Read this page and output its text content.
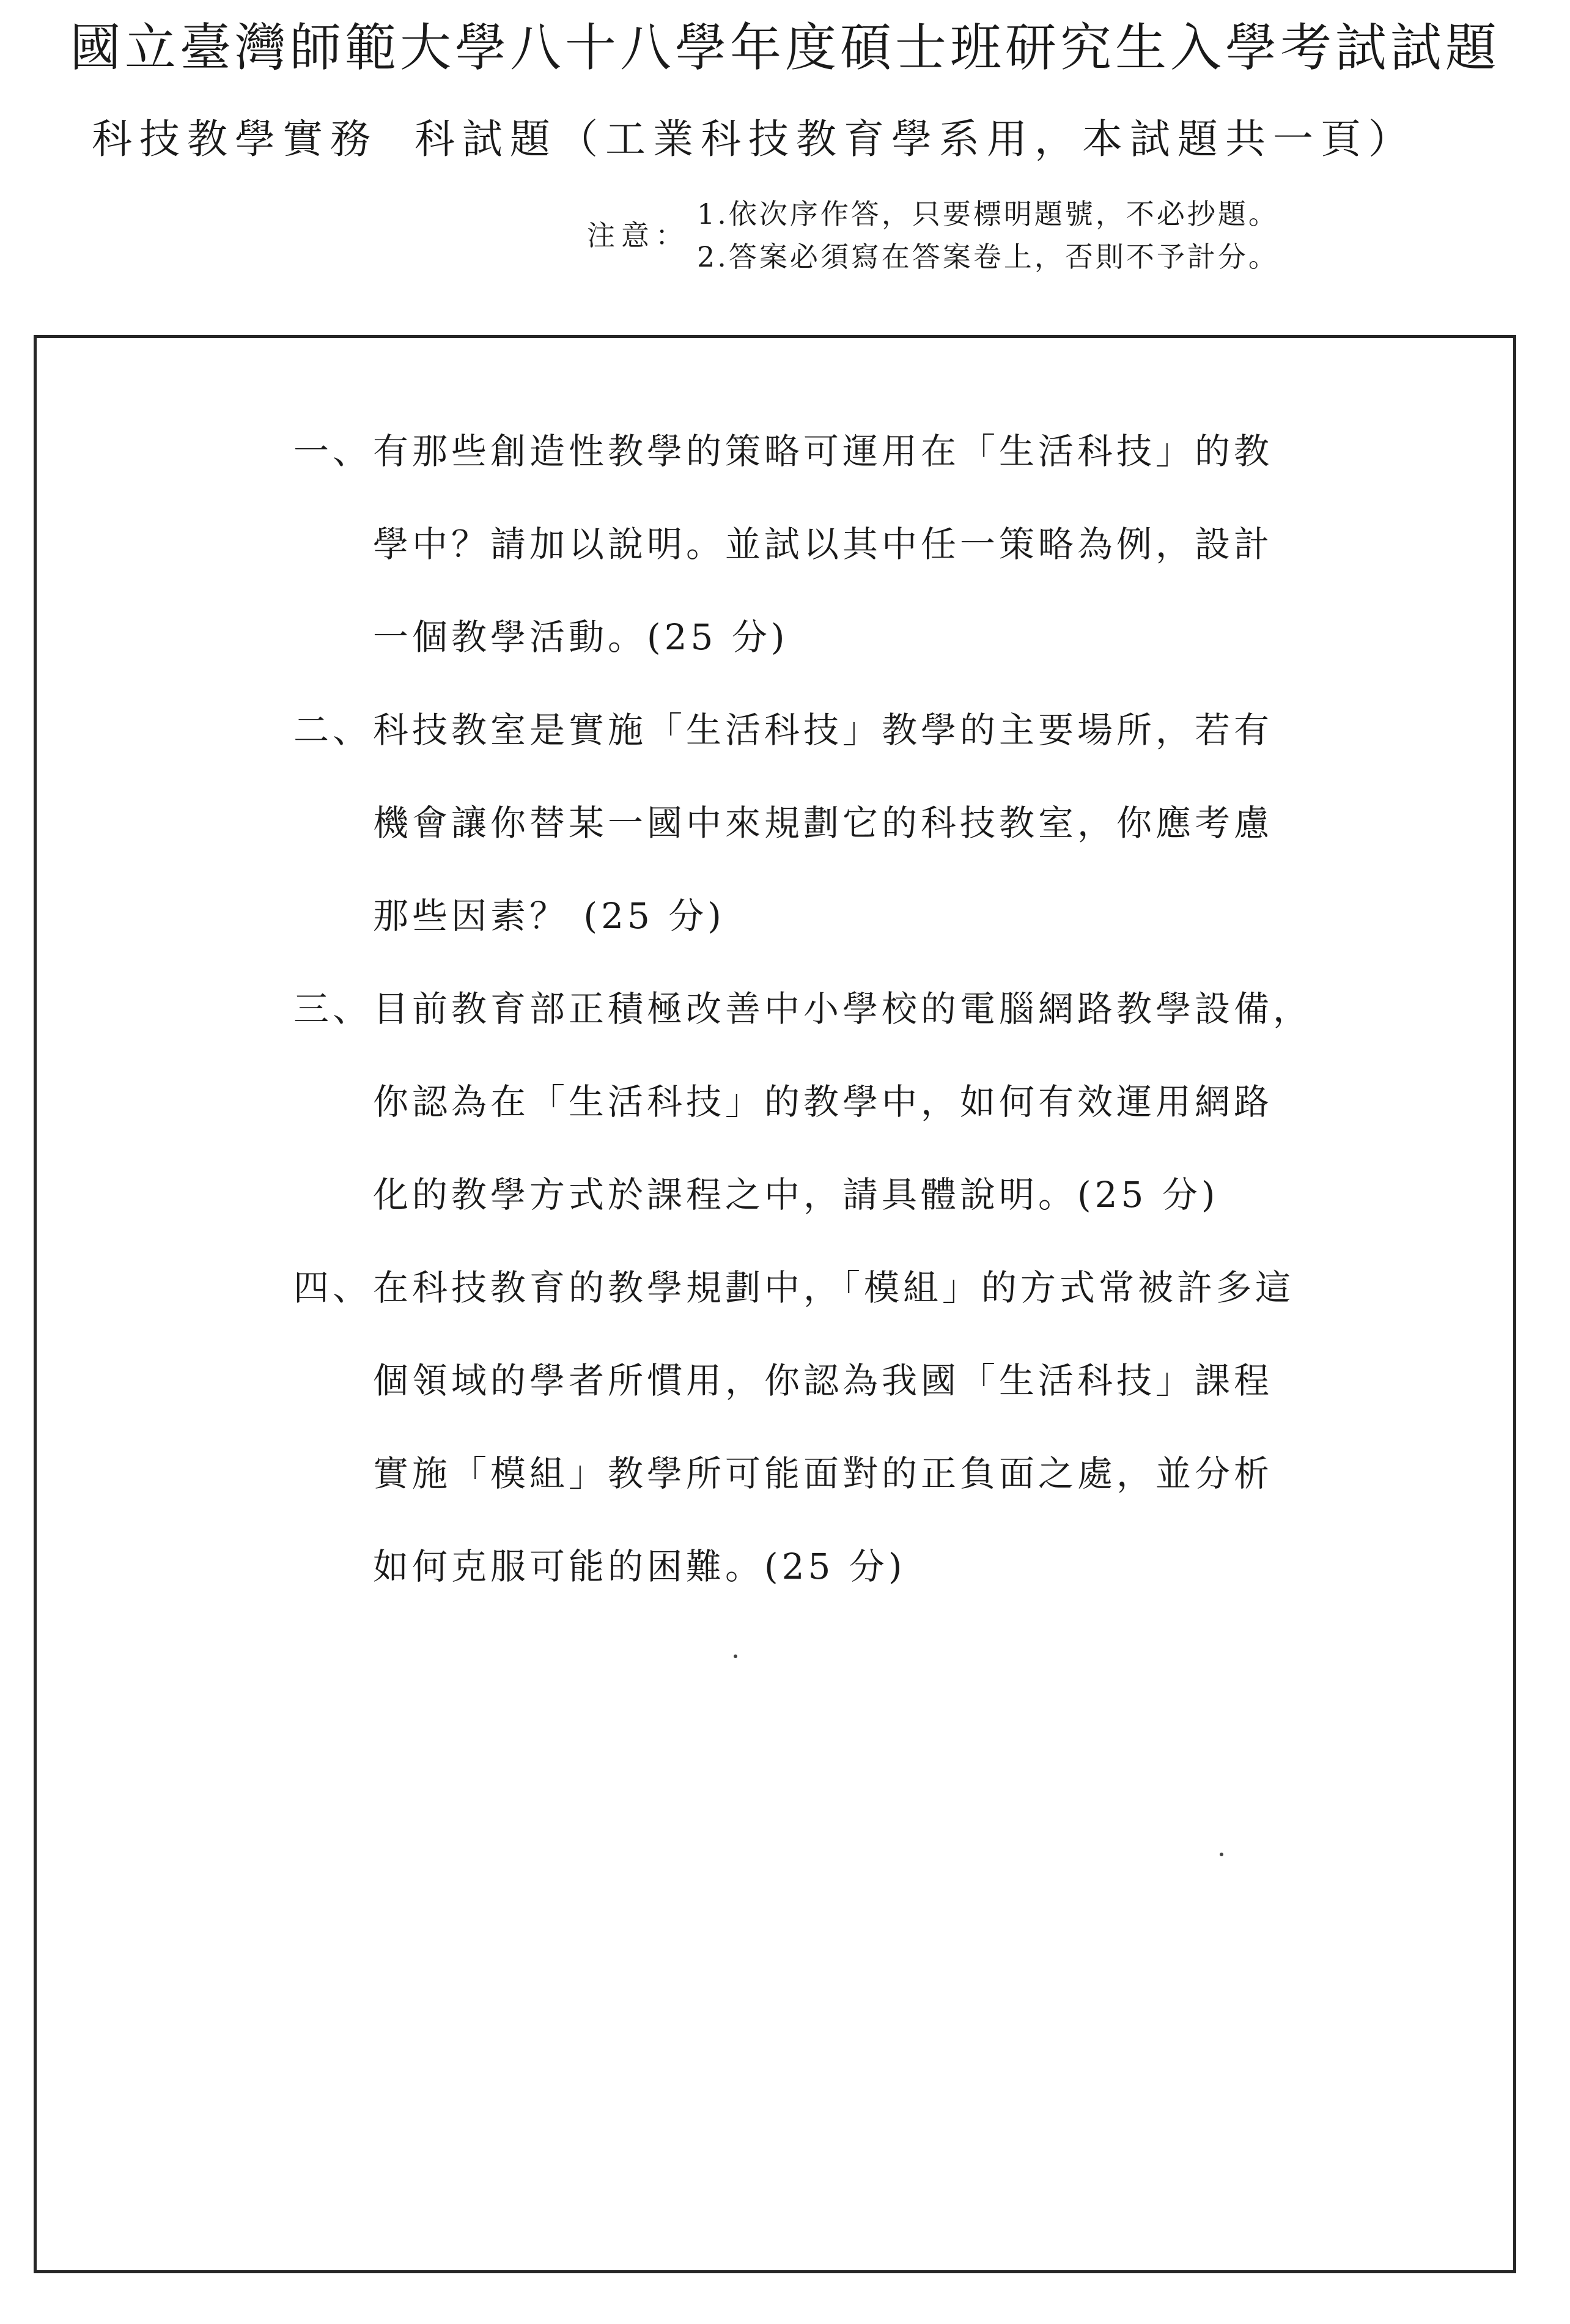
國立臺灣師範大學八十八學年度碩士班研究生入學考試試題
科技教學實務 科試題（工業科技教育學系用，本試題共一頁）
注意：
1.依次序作答，只要標明題號，不必抄題。
2.答案必須寫在答案卷上，否則不予計分。
一、 有那些創造性教學的策略可運用在「生活科技」的教
學中？請加以說明。並試以其中任一策略為例，設計
一個教學活動。(25 分)
二、 科技教室是實施「生活科技」教學的主要場所，若有
機會讓你替某一國中來規劃它的科技教室，你應考慮
那些因素？ (25 分)
三、 目前教育部正積極改善中小學校的電腦網路教學設備，
你認為在「生活科技」的教學中，如何有效運用網路
化的教學方式於課程之中，請具體說明。(25 分)
四、 在科技教育的教學規劃中，「模組」的方式常被許多這
個領域的學者所慣用，你認為我國「生活科技」課程
實施「模組」教學所可能面對的正負面之處，並分析
如何克服可能的困難。(25 分)
